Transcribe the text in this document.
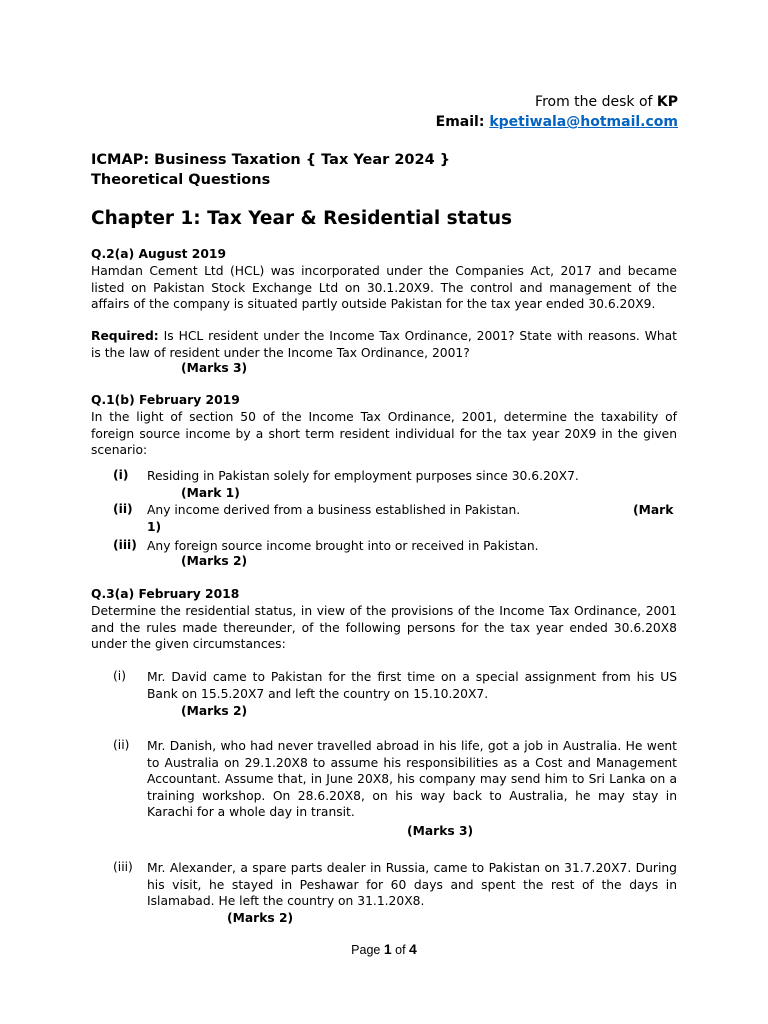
From the desk of KP
Email: kpetiwala@hotmail.com
ICMAP: Business Taxation { Tax Year 2024 }
Theoretical Questions
Chapter 1: Tax Year & Residential status
Q.2(a) August 2019
Hamdan Cement Ltd (HCL) was incorporated under the Companies Act, 2017 and became listed on Pakistan Stock Exchange Ltd on 30.1.20X9. The control and management of the affairs of the company is situated partly outside Pakistan for the tax year ended 30.6.20X9.
Required: Is HCL resident under the Income Tax Ordinance, 2001? State with reasons. What is the law of resident under the Income Tax Ordinance, 2001?
(Marks 3)
Q.1(b) February 2019
In the light of section 50 of the Income Tax Ordinance, 2001, determine the taxability of foreign source income by a short term resident individual for the tax year 20X9 in the given scenario:
(i) Residing in Pakistan solely for employment purposes since 30.6.20X7.
(Mark 1)
(ii) Any income derived from a business established in Pakistan.	(Mark
1)
(iii) Any foreign source income brought into or received in Pakistan.
(Marks 2)
Q.3(a) February 2018
Determine the residential status, in view of the provisions of the Income Tax Ordinance, 2001 and the rules made thereunder, of the following persons for the tax year ended 30.6.20X8 under the given circumstances:
(i) Mr. David came to Pakistan for the first time on a special assignment from his US Bank on 15.5.20X7 and left the country on 15.10.20X7.
(Marks 2)
(ii) Mr. Danish, who had never travelled abroad in his life, got a job in Australia. He went to Australia on 29.1.20X8 to assume his responsibilities as a Cost and Management Accountant. Assume that, in June 20X8, his company may send him to Sri Lanka on a training workshop. On 28.6.20X8, on his way back to Australia, he may stay in Karachi for a whole day in transit.
(Marks 3)
(iii) Mr. Alexander, a spare parts dealer in Russia, came to Pakistan on 31.7.20X7. During his visit, he stayed in Peshawar for 60 days and spent the rest of the days in Islamabad. He left the country on 31.1.20X8.
(Marks 2)
Page 1 of 4
